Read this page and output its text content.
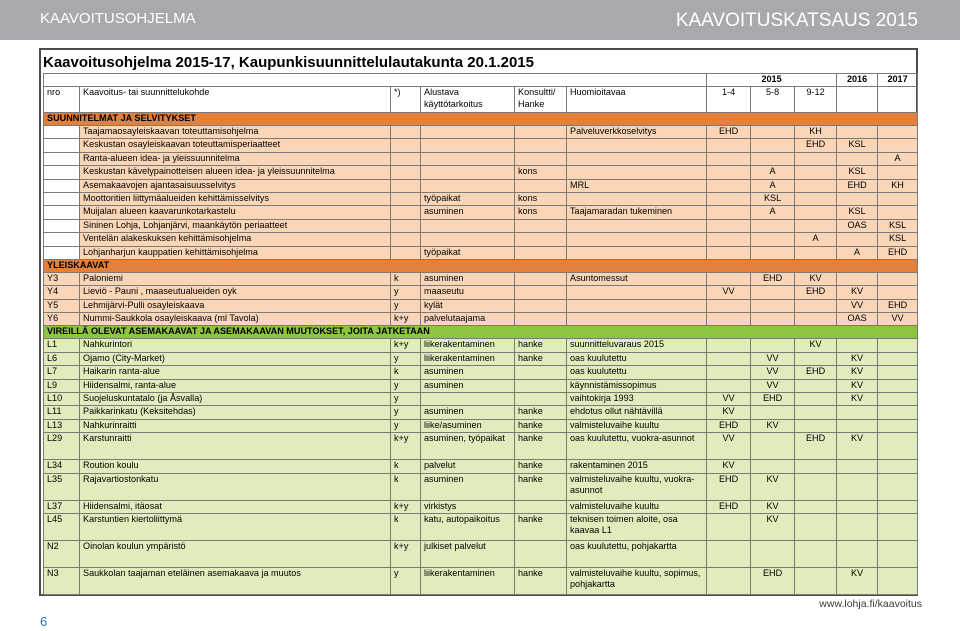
KAAVOITUSOHJELMA	KAAVOITUSKATSAUS 2015
Kaavoitusohjelma 2015-17, Kaupunkisuunnittelulautakunta 20.1.2015
						2015			2016	2017
nro	Kaavoitus- tai suunnittelukohde	*)	Alustava käyttötarkoitus	Konsultti/ Hanke	Huomioitavaa	1-4	5-8	9-12		
SUUNNITELMAT JA SELVITYKSET										
	Taajamaosayleiskaavan toteuttamisohjelma				Palveluverkkoselvitys	EHD		KH		
	Keskustan osayleiskaavan toteuttamisperiaatteet							EHD	KSL	
	Ranta-alueen idea- ja yleissuunnitelma									A
	Keskustan kävelypainotteisen alueen idea- ja yleissuunnitelma			kons			A		KSL	
	Asemakaavojen ajantasaisuusselvitys				MRL		A		EHD	KH
	Moottoritien liittymäalueiden kehittämisselvitys		työpaikat	kons			KSL			
	Muijalan alueen kaavarunkotarkastelu		asuminen	kons	Taajamaradan tukeminen		A		KSL	
	Sininen Lohja, Lohjanjärvi, maankäytön periaatteet								OAS	KSL
	Ventelän alakeskuksen kehittämisohjelma							A		KSL
	Lohjanharjun kauppatien kehittämisohjelma		työpaikat						A	EHD
YLEISKAAVAT										
Y3	Paloniemi	k	asuminen		Asuntomessut		EHD	KV		
Y4	Lieviö - Pauni , maaseutualueiden oyk	y	maaseutu			VV		EHD	KV	
Y5	Lehmijärvi-Pulli osayleiskaava	y	kylät						VV	EHD
Y6	Nummi-Saukkola osayleiskaava (ml Tavola)	k+y	palvelutaajama						OAS	VV
VIREILLÄ OLEVAT ASEMAKAAVAT JA ASEMAKAAVAN MUUTOKSET, JOITA JATKETAAN										
L1	Nahkurintori	k+y	liikerakentaminen	hanke	suunnitteluvaraus 2015			KV		
L6	Ojamo (City-Market)	y	liikerakentaminen	hanke	oas kuulutettu		VV		KV	
L7	Haikarin ranta-alue	k	asuminen		oas kuulutettu		VV	EHD	KV	
L9	Hiidensalmi, ranta-alue	y	asuminen		käynnistämissopimus		VV		KV	
L10	Suojeluskuntatalo (ja Åsvalla)	y			vaihtokirja 1993	VV	EHD		KV	
L11	Paikkarinkatu (Keksitehdas)	y	asuminen	hanke	ehdotus ollut nähtävillä	KV				
L13	Nahkurinraitti	y	liike/asuminen	hanke	valmisteluvaihe kuultu	EHD	KV			
L29	Karstunraitti	k+y	asuminen, työpaikat	hanke	oas kuulutettu, vuokra-asunnot	VV		EHD	KV	
L34	Roution koulu	k	palvelut	hanke	rakentaminen 2015	KV				
L35	Rajavartiostonkatu	k	asuminen	hanke	valmisteluvaihe kuultu, vuokra-asunnot	EHD	KV			
L37	Hiidensalmi, itäosat	k+y	virkistys		valmisteluvaihe kuultu	EHD	KV			
L45	Karstuntien kiertoliittymä	k	katu, autopaikoitus	hanke	teknisen toimen aloite, osa kaavaa L1		KV			
N2	Oinolan koulun ympäristö	k+y	julkiset palvelut		oas kuulutettu, pohjakartta					
N3	Saukkolan taajaman eteläinen asemakaava ja muutos	y	liikerakentaminen	hanke	valmisteluvaihe kuultu, sopimus, pohjakartta		EHD		KV	
6
www.lohja.fi/kaavoitus
